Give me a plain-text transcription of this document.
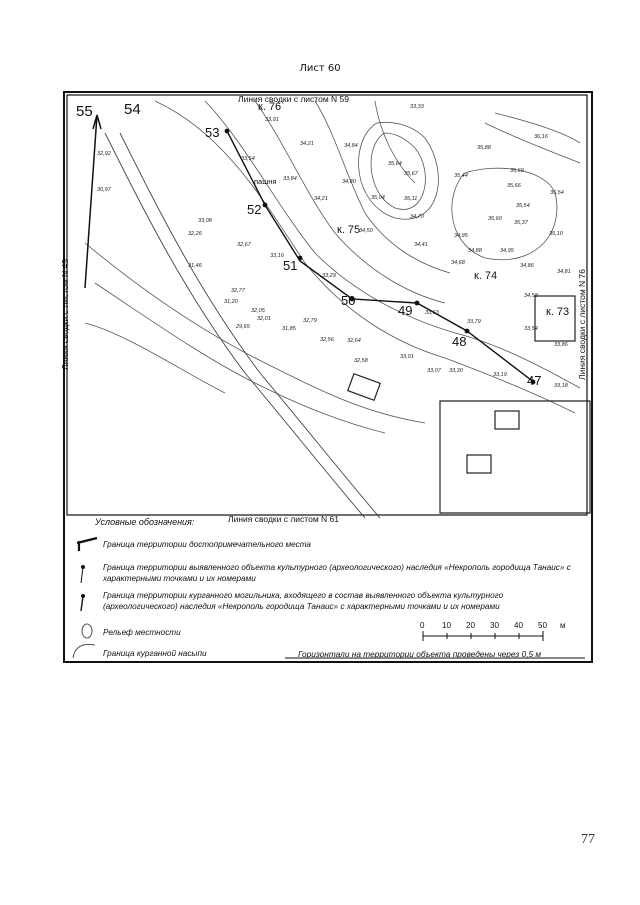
Лист 60
Линия сводки с листом N 59
Линия сводки с листом N 61
Линия сводки с листом N 45	Линия сводки с листом N 76
к. 76
к. 75
к. 74
к. 73
55 54
53
52
51
50
49
48
47
пашня
33,33
33,91
34,21	34,84
35,64
35,67	35,44
35,88
36,16
33,54
33,84	34,80
35,04	35,11
35,69
35,66
35,54
35,54
34,21
34,70	35,60
35,37
34,50
34,41
34,95	35,10
34,88	34,95
34,68	34,86
34,81
33,08
32,26
32,67
33,16
33,29
34,58
31,46
32,77
33,63
33,79
33,54
32,05
32,01	32,79
32,56 32,64
31,85
33,86
33,01
32,58
33,07 33,30
33,19
33,18
32,92
30,97
31,20
29,65
Условные обозначения:
Граница территории достопримечательного места
Граница территории выявленного объекта культурного (археологического) наследия «Некрополь городища Танаис» с характерными точками и их номерами
Граница территории курганного могильника, входящего в состав выявленного объекта культурного (археологического) наследия «Некрополь городища Танаис» с характерными точками и их номерами
Рельеф местности
Граница курганной насыпи
0 10 20 30 40 50 м
Горизонтали на территории объекта проведены через 0,5 м
77
